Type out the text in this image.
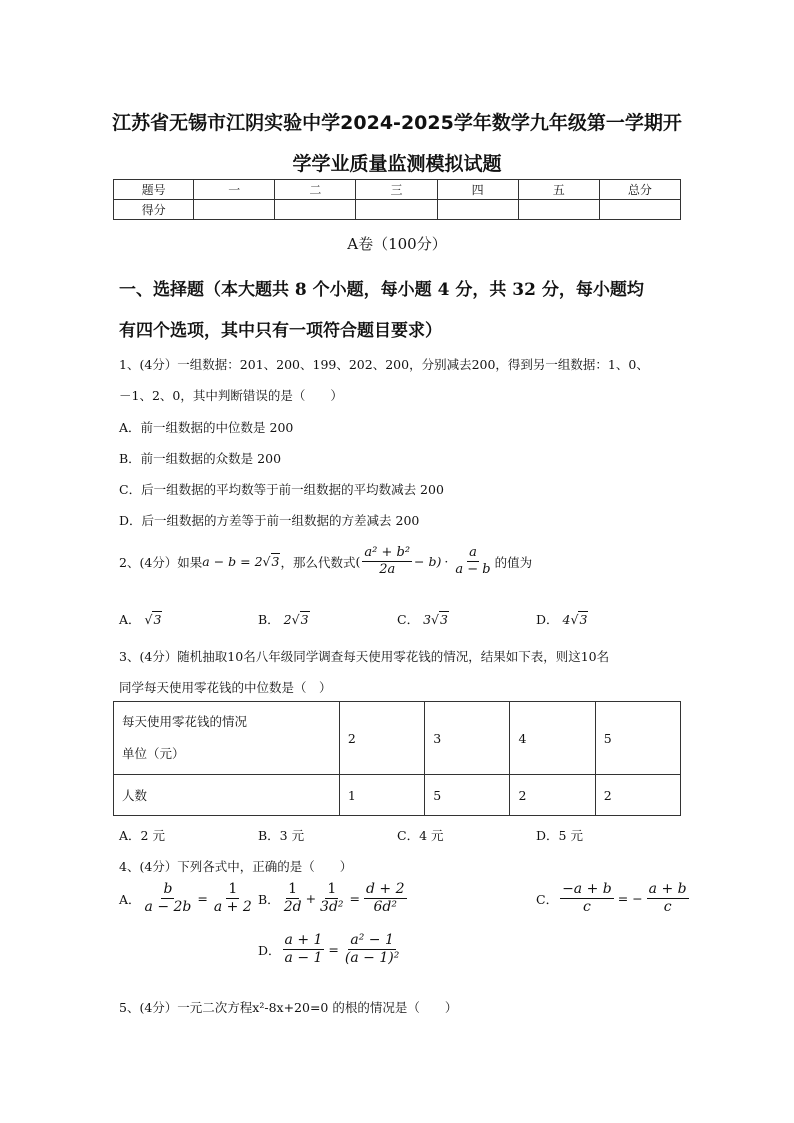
江苏省无锡市江阴实验中学2024-2025学年数学九年级第一学期开
学学业质量监测模拟试题
题号	一	二	三	四	五	总分
得分						
A卷（100分）
一、选择题（本大题共 8 个小题，每小题 4 分，共 32 分，每小题均
有四个选项，其中只有一项符合题目要求）
1、(4分）一组数据：201、200、199、202、200，分别减去200，得到另一组数据：1、0、
－1、2、0，其中判断错误的是（　　）
A．前一组数据的中位数是 200
B．前一组数据的众数是 200
C．后一组数据的平均数等于前一组数据的平均数减去 200
D．后一组数据的方差等于前一组数据的方差减去 200
2、(4分）如果 a − b = 2 √3 ，那么代数式 ( $\frac{\text{a² + b²}}{2a} - b) \cdot \frac{a}{a - b}$ 的值为
A． √3	B． 2√3	C． 3√3	D． 4√3
3、(4分）随机抽取10名八年级同学调查每天使用零花钱的情况，结果如下表，则这10名
同学每天使用零花钱的中位数是（　）
每天使用零花钱的情况
单位（元）	2	3	4	5
人数	1	5	2	2
A．2 元	B．3 元	C．4 元	D．5 元
4、(4分）下列各式中，正确的是（　　）
A． $\frac{b}{a - 2b} = \frac{1}{a + 2}$ B． $\frac{1}{2d} + \frac{1}{\text{3d²}} = \frac{d + 2}{\text{6d²}}$	C． $\frac{-a + b}{c}$ = − $\frac{a + b}{c}$
D． $\frac{a + 1}{a - 1} = \frac{\text{a² − 1}}{\text{(a − 1)²}}$
5、(4分）一元二次方程x²-8x+20=0 的根的情况是（　　）
